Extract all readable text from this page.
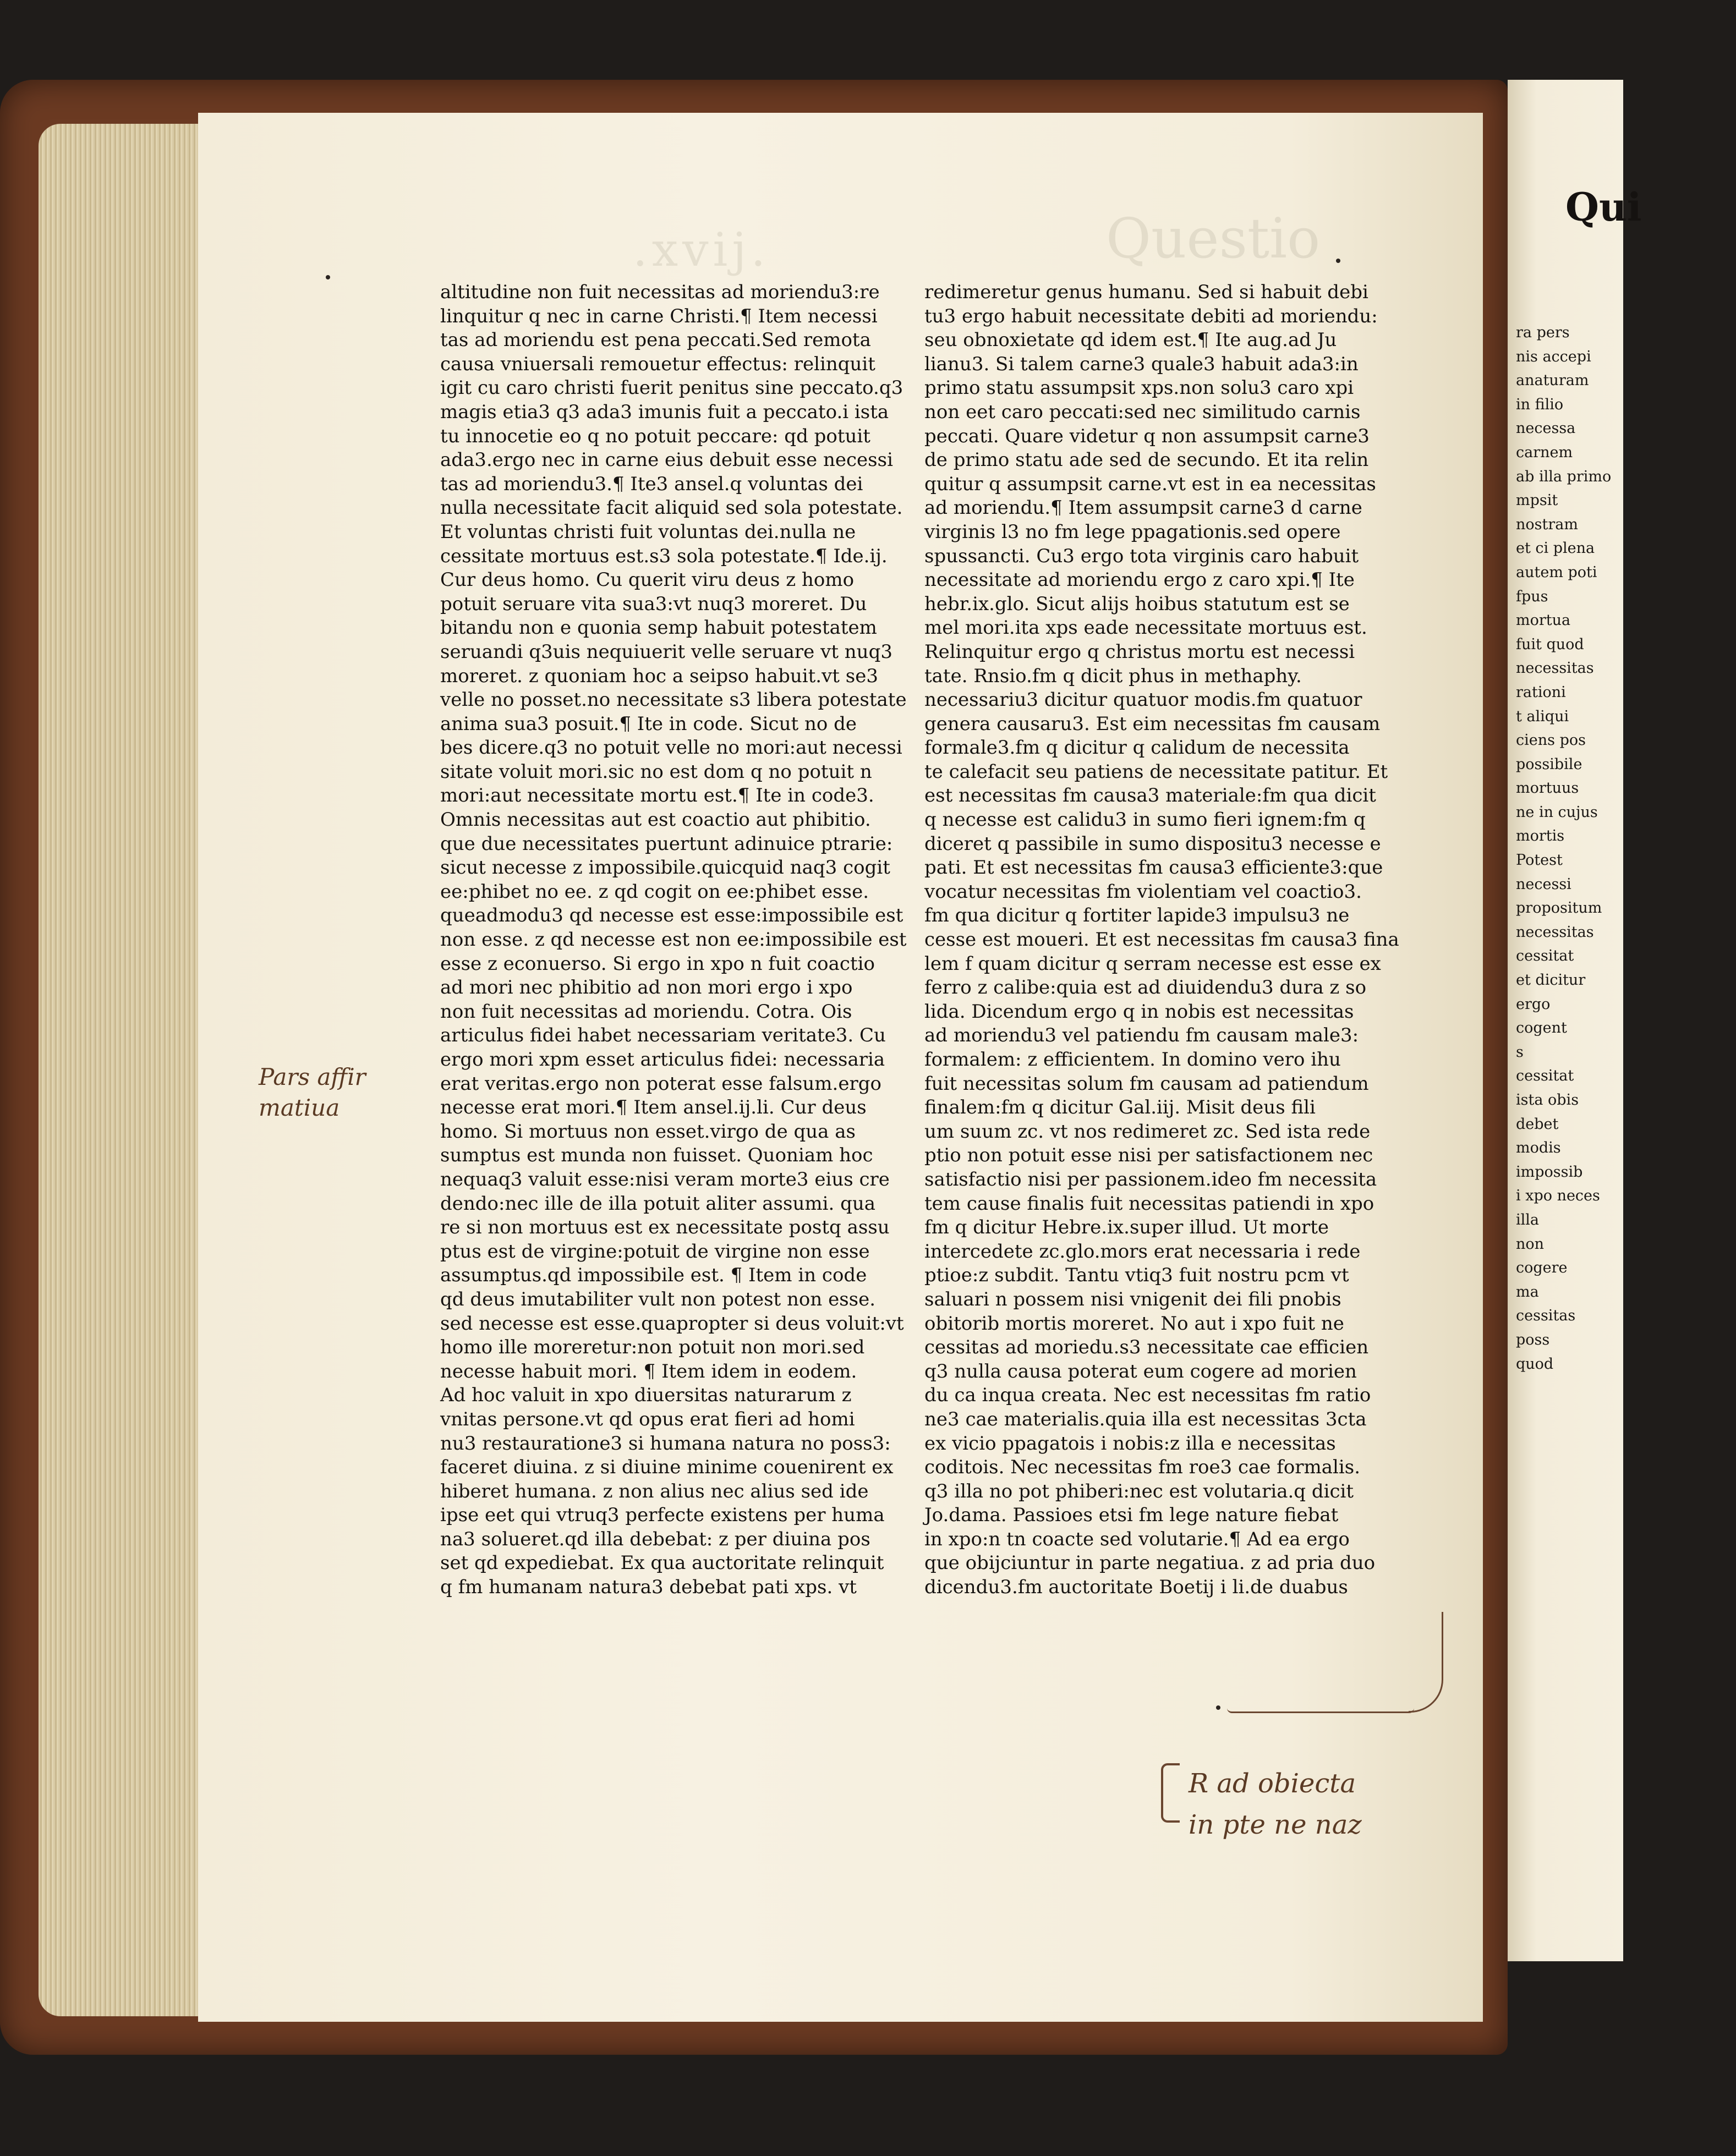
.xvij.	Questio
altitudine non fuit necessitas ad moriendu3:re
linquitur q nec in carne Christi.¶ Item necessi
tas ad moriendu est pena peccati.Sed remota
causa vniuersali remouetur effectus: relinquit
igit cu caro christi fuerit penitus sine peccato.q3
magis etia3 q3 ada3 imunis fuit a peccato.i ista
tu innocetie eo q no potuit peccare: qd potuit
ada3.ergo nec in carne eius debuit esse necessi
tas ad moriendu3.¶ Ite3 ansel.q voluntas dei
nulla necessitate facit aliquid sed sola potestate.
Et voluntas christi fuit voluntas dei.nulla ne
cessitate mortuus est.s3 sola potestate.¶ Ide.ij.
Cur deus homo. Cu querit viru deus z homo
potuit seruare vita sua3:vt nuq3 moreret. Du
bitandu non e quonia semp habuit potestatem
seruandi q3uis nequiuerit velle seruare vt nuq3
moreret. z quoniam hoc a seipso habuit.vt se3
velle no posset.no necessitate s3 libera potestate
anima sua3 posuit.¶ Ite in code. Sicut no de
bes dicere.q3 no potuit velle no mori:aut necessi
sitate voluit mori.sic no est dom q no potuit n
mori:aut necessitate mortu est.¶ Ite in code3.
Omnis necessitas aut est coactio aut phibitio.
que due necessitates puertunt adinuice ptrarie:
sicut necesse z impossibile.quicquid naq3 cogit
ee:phibet no ee. z qd cogit on ee:phibet esse.
queadmodu3 qd necesse est esse:impossibile est
non esse. z qd necesse est non ee:impossibile est
esse z econuerso. Si ergo in xpo n fuit coactio
ad mori nec phibitio ad non mori ergo i xpo
non fuit necessitas ad moriendu. Cotra. Ois
articulus fidei habet necessariam veritate3. Cu
ergo mori xpm esset articulus fidei: necessaria
erat veritas.ergo non poterat esse falsum.ergo
necesse erat mori.¶ Item ansel.ij.li. Cur deus
homo. Si mortuus non esset.virgo de qua as
sumptus est munda non fuisset. Quoniam hoc
nequaq3 valuit esse:nisi veram morte3 eius cre
dendo:nec ille de illa potuit aliter assumi. qua
re si non mortuus est ex necessitate postq assu
ptus est de virgine:potuit de virgine non esse
assumptus.qd impossibile est. ¶ Item in code
qd deus imutabiliter vult non potest non esse.
sed necesse est esse.quapropter si deus voluit:vt
homo ille moreretur:non potuit non mori.sed
necesse habuit mori. ¶ Item idem in eodem.
Ad hoc valuit in xpo diuersitas naturarum z
vnitas persone.vt qd opus erat fieri ad homi
nu3 restauratione3 si humana natura no poss3:
faceret diuina. z si diuine minime couenirent ex
hiberet humana. z non alius nec alius sed ide
ipse eet qui vtruq3 perfecte existens per huma
na3 solueret.qd illa debebat: z per diuina pos
set qd expediebat. Ex qua auctoritate relinquit
q fm humanam natura3 debebat pati xps. vt
redimeretur genus humanu. Sed si habuit debi
tu3 ergo habuit necessitate debiti ad moriendu:
seu obnoxietate qd idem est.¶ Ite aug.ad Ju
lianu3. Si talem carne3 quale3 habuit ada3:in
primo statu assumpsit xps.non solu3 caro xpi
non eet caro peccati:sed nec similitudo carnis
peccati. Quare videtur q non assumpsit carne3
de primo statu ade sed de secundo. Et ita relin
quitur q assumpsit carne.vt est in ea necessitas
ad moriendu.¶ Item assumpsit carne3 d carne
virginis l3 no fm lege ppagationis.sed opere
spussancti. Cu3 ergo tota virginis caro habuit
necessitate ad moriendu ergo z caro xpi.¶ Ite
hebr.ix.glo. Sicut alijs hoibus statutum est se
mel mori.ita xps eade necessitate mortuus est.
Relinquitur ergo q christus mortu est necessi
tate. Rnsio.fm q dicit phus in methaphy.
necessariu3 dicitur quatuor modis.fm quatuor
genera causaru3. Est eim necessitas fm causam
formale3.fm q dicitur q calidum de necessita
te calefacit seu patiens de necessitate patitur. Et
est necessitas fm causa3 materiale:fm qua dicit
q necesse est calidu3 in sumo fieri ignem:fm q
diceret q passibile in sumo dispositu3 necesse e
pati. Et est necessitas fm causa3 efficiente3:que
vocatur necessitas fm violentiam vel coactio3.
fm qua dicitur q fortiter lapide3 impulsu3 ne
cesse est moueri. Et est necessitas fm causa3 fina
lem f quam dicitur q serram necesse est esse ex
ferro z calibe:quia est ad diuidendu3 dura z so
lida. Dicendum ergo q in nobis est necessitas
ad moriendu3 vel patiendu fm causam male3:
formalem: z efficientem. In domino vero ihu
fuit necessitas solum fm causam ad patiendum
finalem:fm q dicitur Gal.iij. Misit deus fili
um suum zc. vt nos redimeret zc. Sed ista rede
ptio non potuit esse nisi per satisfactionem nec
satisfactio nisi per passionem.ideo fm necessita
tem cause finalis fuit necessitas patiendi in xpo
fm q dicitur Hebre.ix.super illud. Ut morte
intercedete zc.glo.mors erat necessaria i rede
ptioe:z subdit. Tantu vtiq3 fuit nostru pcm vt
saluari n possem nisi vnigenit dei fili pnobis
obitorib mortis moreret. No aut i xpo fuit ne
cessitas ad moriedu.s3 necessitate cae efficien
q3 nulla causa poterat eum cogere ad morien
du ca inqua creata. Nec est necessitas fm ratio
ne3 cae materialis.quia illa est necessitas 3cta
ex vicio ppagatois i nobis:z illa e necessitas
coditois. Nec necessitas fm roe3 cae formalis.
q3 illa no pot phiberi:nec est volutaria.q dicit
Jo.dama. Passioes etsi fm lege nature fiebat
in xpo:n tn coacte sed volutarie.¶ Ad ea ergo
que obijciuntur in parte negatiua. z ad pria duo
dicendu3.fm auctoritate Boetij i li.de duabus
Pars affir
matiua
R ad obiecta
in pte ne naz
Qui
ra pers
nis accepi
anaturam
in filio
necessa
carnem
ab illa primo
mpsit
nostram
et ci plena
autem poti
fpus
mortua
fuit quod
necessitas
rationi
t aliqui
ciens pos
possibile
mortuus
ne in cujus
mortis
Potest
necessi
propositum
necessitas
cessitat
et dicitur
ergo
cogent
s
cessitat
ista obis
debet
modis
impossib
i xpo neces
illa
non
cogere
ma
cessitas
poss
quod
